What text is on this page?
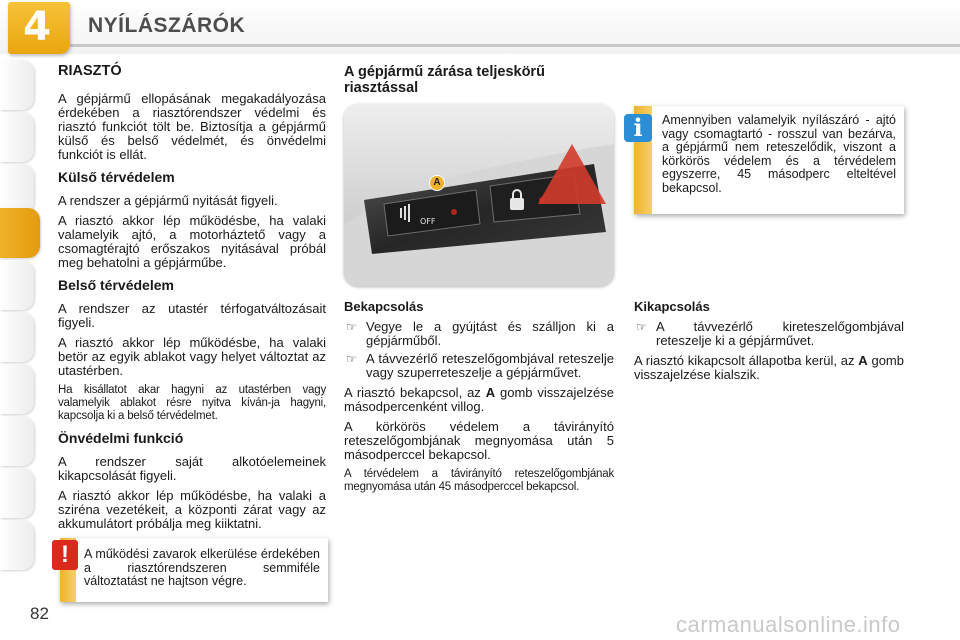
4	NYÍLÁSZÁRÓK
RIASZTÓ

A gépjármű ellopásának megakadályozása érdekében a riasztórendszer védelmi és riasztó funkciót tölt be. Biztosítja a gépjármű külső és belső védelmét, és önvédelmi funkciót is ellát.

Külső térvédelem

A rendszer a gépjármű nyitását figyeli.

A riasztó akkor lép működésbe, ha valaki valamelyik ajtó, a motorháztető vagy a csomagtérajtó erőszakos nyitásával próbál meg behatolni a gépjárműbe.

Belső térvédelem

A rendszer az utastér térfogatváltozásait figyeli.

A riasztó akkor lép működésbe, ha valaki betör az egyik ablakot vagy helyet változtat az utastérben.

Ha kisállatot akar hagyni az utastérben vagy valamelyik ablakot résre nyitva kíván-ja hagyni, kapcsolja ki a belső térvédelmet.

Önvédelmi funkció

A rendszer saját alkotóelemeinek kikapcsolását figyeli.

A riasztó akkor lép működésbe, ha valaki a sziréna vezetékeit, a központi zárat vagy az akkumulátort próbálja meg kiiktatni.

A működési zavarok elkerülése érdekében a riasztórendszeren semmiféle változtatást ne hajtson végre.
!
A gépjármű zárása teljeskörű riasztással
OFF
A
Bekapcsolás
☞ Vegye le a gyújtást és szálljon ki a gépjárműből.
☞ A távvezérlő reteszelőgombjával reteszelje vagy szuperreteszelje a gépjárművet.

A riasztó bekapcsol, az A gomb visszajelzése másodpercenként villog.

A körkörös védelem a távirányító reteszelőgombjának megnyomása után 5 másodperccel bekapcsol.

A térvédelem a távirányító reteszelőgombjának megnyomása után 45 másodperccel bekapcsol.

Amennyiben valamelyik nyílászáró - ajtó vagy csomagtartó - rosszul van bezárva, a gépjármű nem reteszelődik, viszont a körkörös védelem és a térvédelem egyszerre, 45 másodperc elteltével bekapcsol.
i
Kikapcsolás
☞ A távvezérlő kireteszelőgombjával reteszelje ki a gépjárművet.

A riasztó kikapcsolt állapotba kerül, az A gomb visszajelzése kialszik.

82	carmanualsonline.info
